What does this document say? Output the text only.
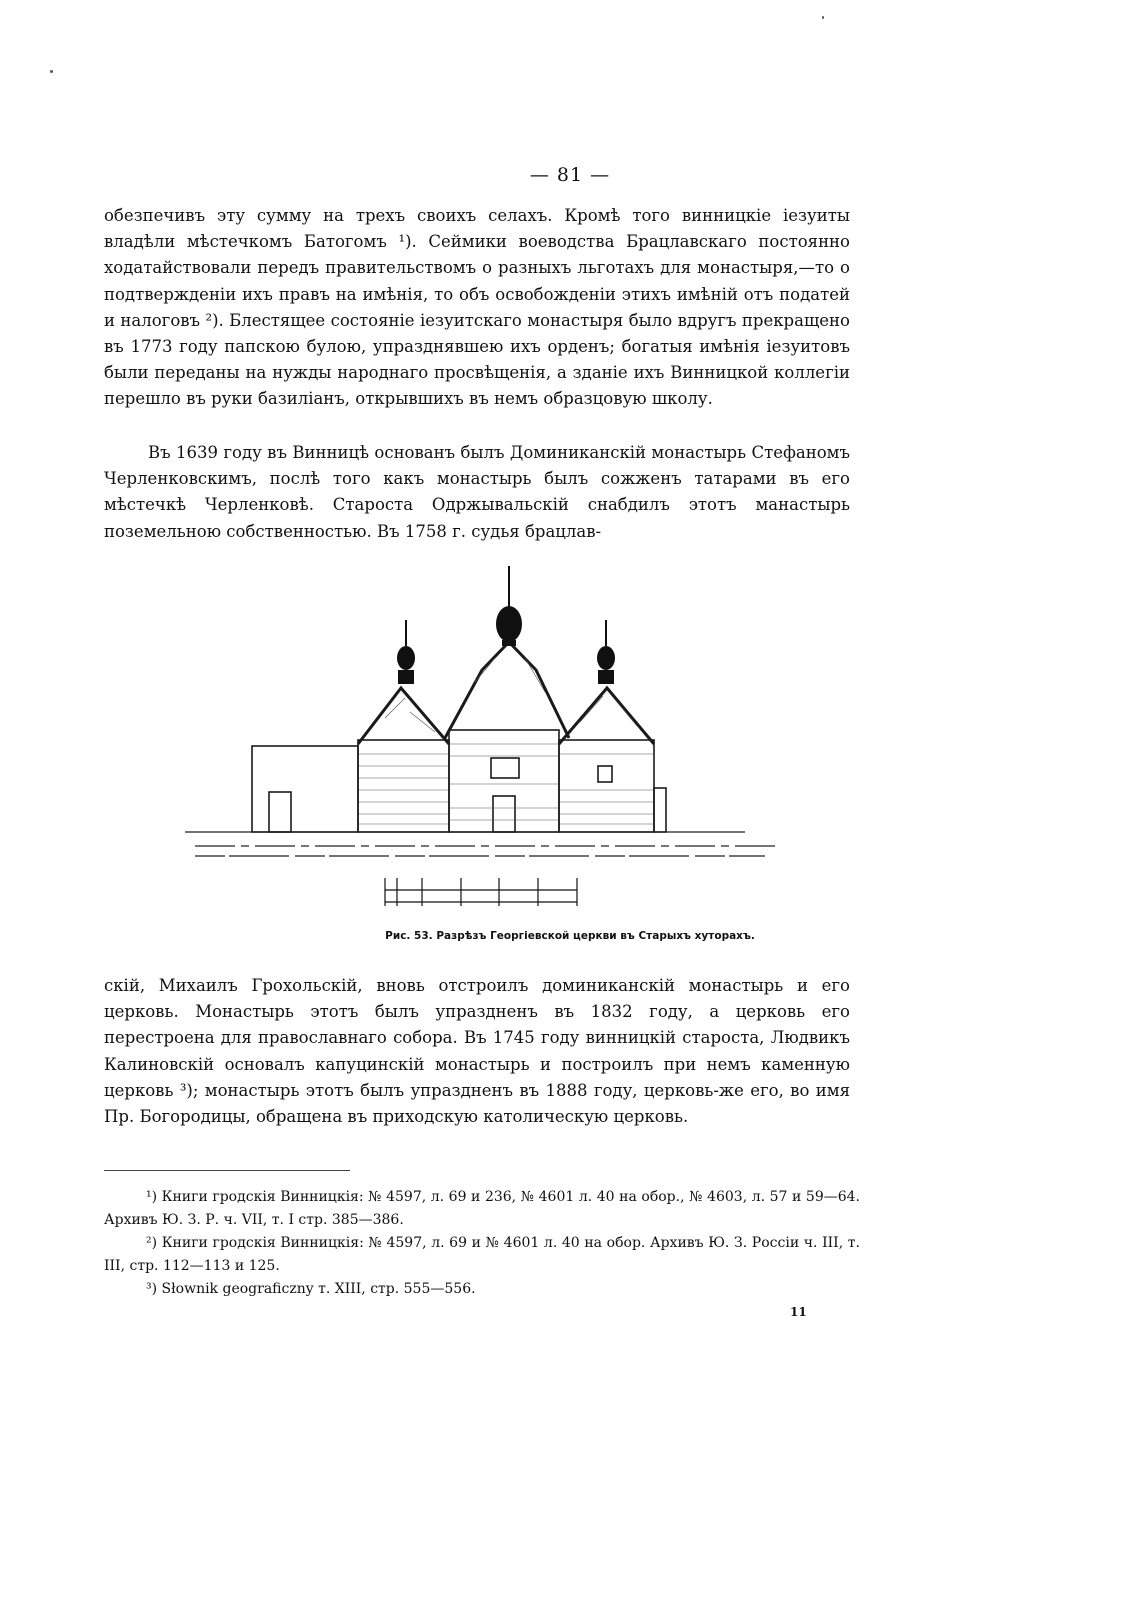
— 81 —

обезпечивъ эту сумму на трехъ своихъ селахъ. Кромѣ того винницкіе іезуиты владѣли мѣстечкомъ Батогомъ ¹). Сеймики воеводства Брацлавскаго постоянно ходатайствовали передъ правительствомъ о разныхъ льготахъ для монастыря,—то о подтвержденіи ихъ правъ на имѣнія, то объ освобожденіи этихъ имѣній отъ податей и налоговъ ²). Блестящее состояніе іезуитскаго монастыря было вдругъ прекращено въ 1773 году папскою булою, упразднявшею ихъ орденъ; богатыя имѣнія іезуитовъ были переданы на нужды народнаго просвѣщенія, а зданіе ихъ Винницкой коллегіи перешло въ руки базиліанъ, открывшихъ въ немъ образцовую школу.

Въ 1639 году въ Винницѣ основанъ былъ Доминиканскій монастырь Стефаномъ Черленковскимъ, послѣ того какъ монастырь былъ сожженъ татарами въ его мѣстечкѣ Черленковѣ. Староста Одржывальскій снабдилъ этотъ манастырь поземельною собственностью. Въ 1758 г. судья брацлав-

Рис. 53. Разрѣзъ Георгіевской церкви въ Старыхъ хуторахъ.

скій, Михаилъ Грохольскій, вновь отстроилъ доминиканскій монастырь и его церковь. Монастырь этотъ былъ упраздненъ въ 1832 году, а церковь его перестроена для православнаго собора. Въ 1745 году винницкій староста, Людвикъ Калиновскій основалъ капуцинскій монастырь и построилъ при немъ каменную церковь ³); монастырь этотъ былъ упраздненъ въ 1888 году, церковь-же его, во имя Пр. Богородицы, обращена въ приходскую католическую церковь.

¹) Книги гродскія Винницкія: № 4597, л. 69 и 236, № 4601 л. 40 на обор., № 4603, л. 57 и 59—64. Архивъ Ю. З. Р. ч. VII, т. I стр. 385—386.

²) Книги гродскія Винницкія: № 4597, л. 69 и № 4601 л. 40 на обор. Архивъ Ю. З. Россіи ч. III, т. III, стр. 112—113 и 125.

³) Słownik geograficzny т. XIII, стр. 555—556.

11
